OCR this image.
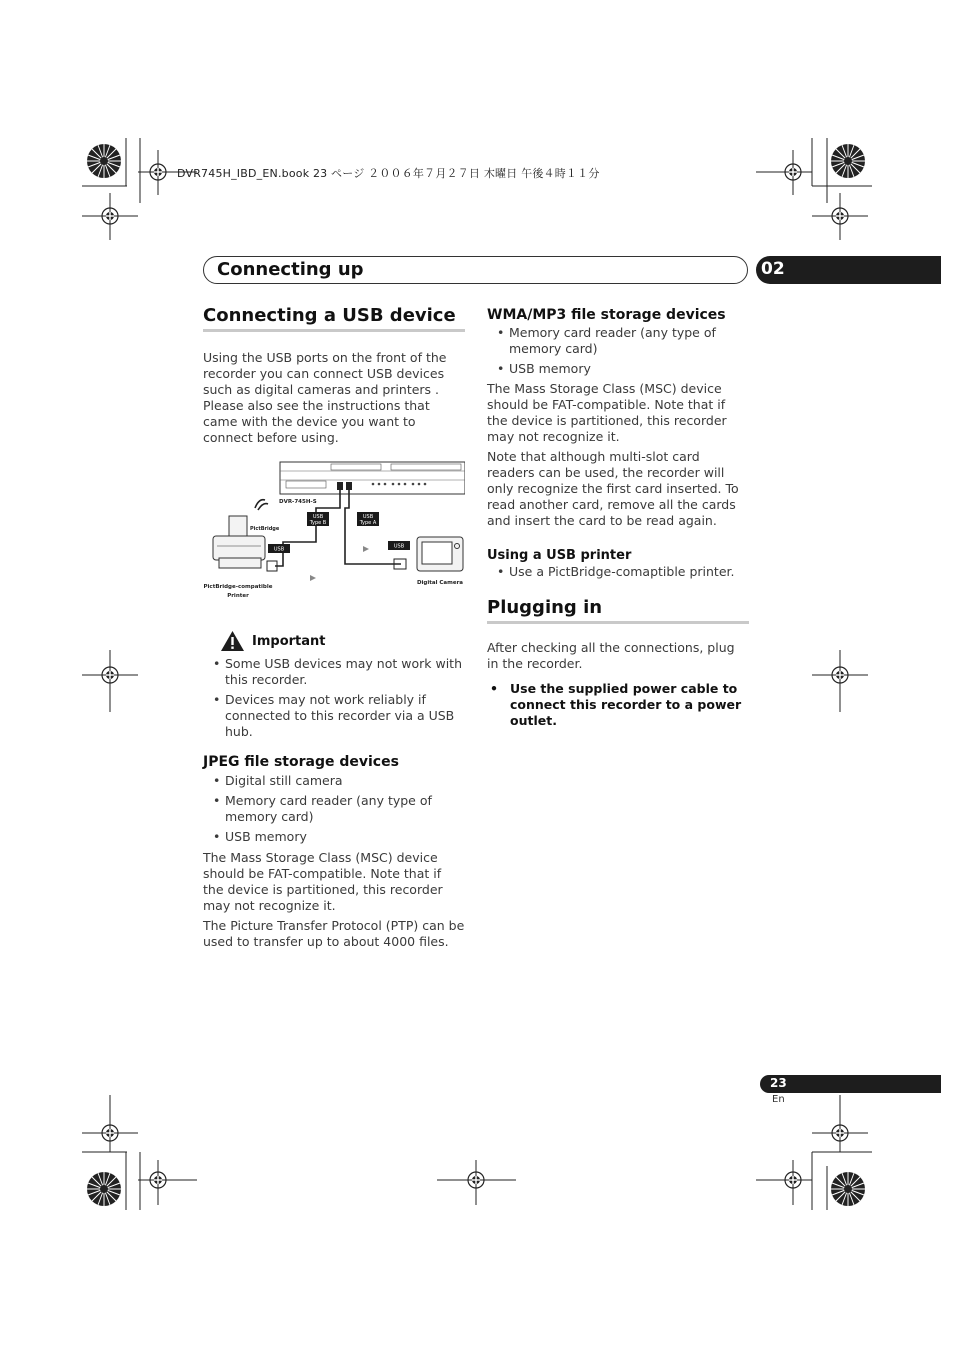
DVR745H_IBD_EN.book 23 ページ ２００６年７月２７日 木曜日 午後４時１１分
Connecting up	02
Connecting a USB device

Using the USB ports on the front of the recorder you can connect USB devices such as digital cameras and printers . Please also see the instructions that came with the device you want to connect before using.

DVR-745H-S
USB
Type B
USB
Type A
USB	USB
PictBridge
PictBridge-compatible
Printer
Digital Camera
Important
• Some USB devices may not work with this recorder.
• Devices may not work reliably if connected to this recorder via a USB hub.
JPEG file storage devices
• Digital still camera
• Memory card reader (any type of memory card)
• USB memory

The Mass Storage Class (MSC) device should be FAT-compatible. Note that if the device is partitioned, this recorder may not recognize it.

The Picture Transfer Protocol (PTP) can be used to transfer up to about 4000 files.

WMA/MP3 file storage devices
• Memory card reader (any type of memory card)
• USB memory

The Mass Storage Class (MSC) device should be FAT-compatible. Note that if the device is partitioned, this recorder may not recognize it.

Note that although multi-slot card readers can be used, the recorder will only recognize the first card inserted. To read another card, remove all the cards and insert the card to be read again.

Using a USB printer
• Use a PictBridge-comaptible printer.
Plugging in

After checking all the connections, plug in the recorder.

• Use the supplied power cable to connect this recorder to a power outlet.

23
En
